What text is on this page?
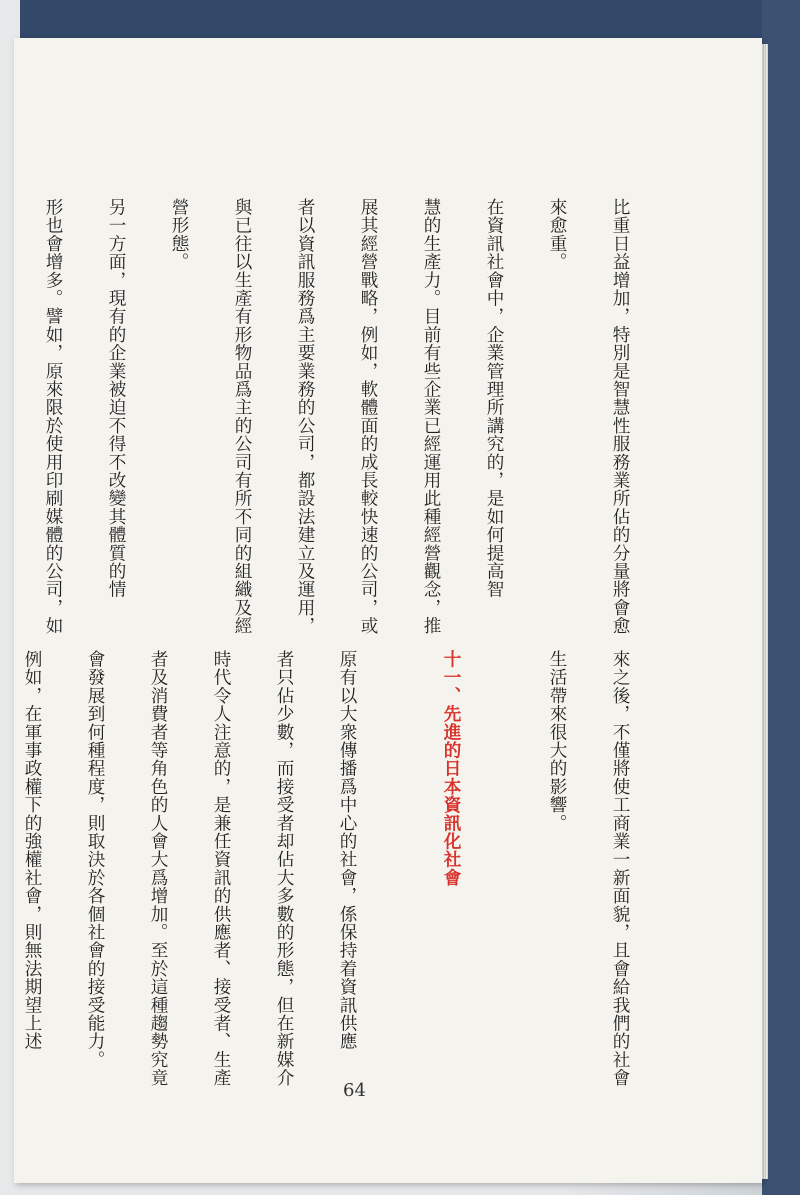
比重日益增加，特別是智慧性服務業所佔的分量將會愈

來愈重。

在資訊社會中，企業管理所講究的，是如何提高智

慧的生產力。目前有些企業已經運用此種經營觀念，推

展其經營戰略，例如，軟體面的成長較快速的公司，或

者以資訊服務爲主要業務的公司，都設法建立及運用，

與已往以生產有形物品爲主的公司有所不同的組織及經

營形態。

另一方面，現有的企業被迫不得不改變其體質的情

形也會增多。譬如，原來限於使用印刷媒體的公司，如

來之後，不僅將使工商業一新面貌，且會給我們的社會

生活帶來很大的影響。

十一、先進的日本資訊化社會

原有以大衆傳播爲中心的社會，係保持着資訊供應

者只佔少數，而接受者却佔大多數的形態，但在新媒介

時代令人注意的，是兼任資訊的供應者、接受者、生產

者及消費者等角色的人會大爲增加。至於這種趨勢究竟

會發展到何種程度，則取決於各個社會的接受能力。

例如，在軍事政權下的強權社會，則無法期望上述

64
